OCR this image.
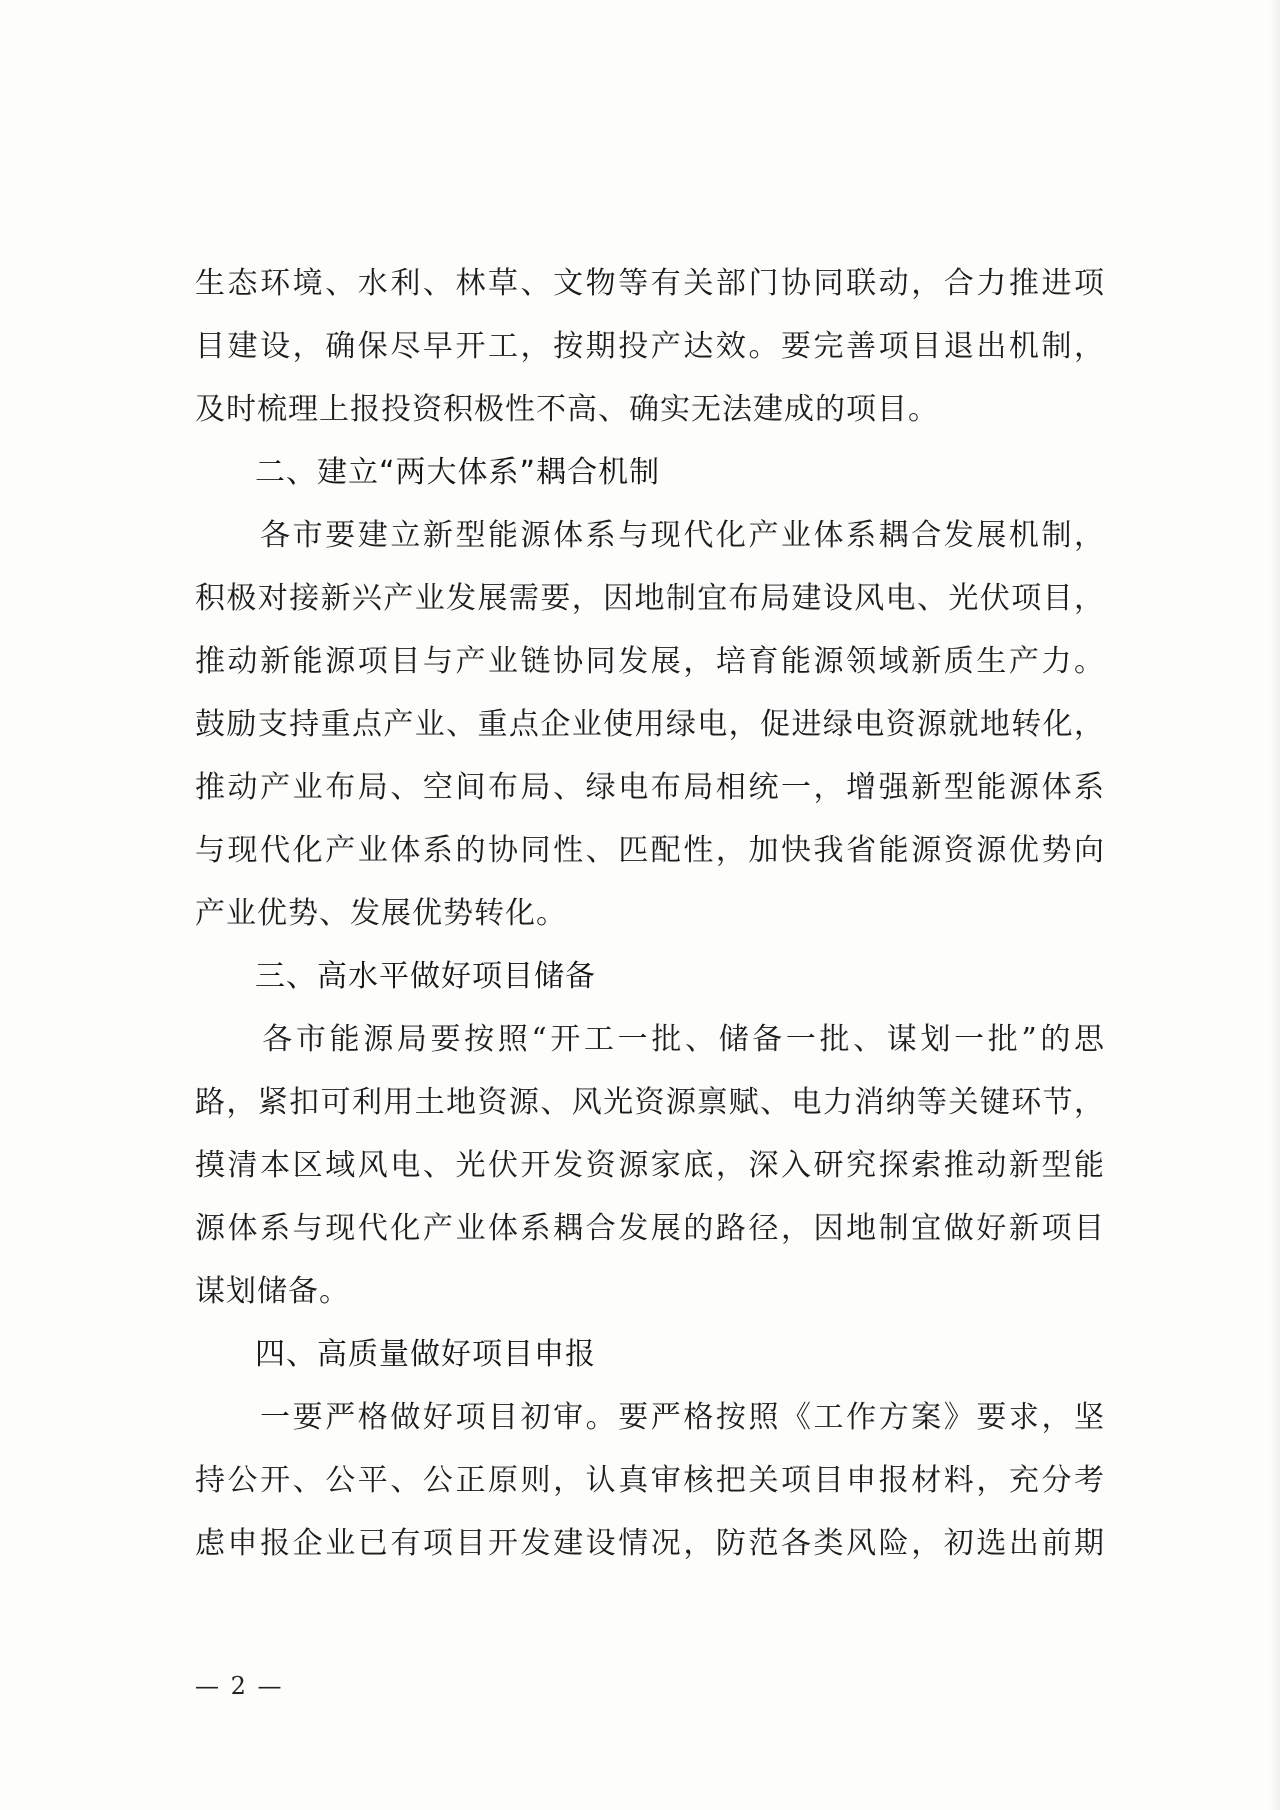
生态环境、水利、林草、文物等有关部门协同联动，合力推进项
目建设，确保尽早开工，按期投产达效。要完善项目退出机制，
及时梳理上报投资积极性不高、确实无法建成的项目。
二、建立“两大体系”耦合机制
　　各市要建立新型能源体系与现代化产业体系耦合发展机制，
积极对接新兴产业发展需要，因地制宜布局建设风电、光伏项目，
推动新能源项目与产业链协同发展，培育能源领域新质生产力。
鼓励支持重点产业、重点企业使用绿电，促进绿电资源就地转化，
推动产业布局、空间布局、绿电布局相统一，增强新型能源体系
与现代化产业体系的协同性、匹配性，加快我省能源资源优势向
产业优势、发展优势转化。
三、高水平做好项目储备
　　各市能源局要按照“开工一批、储备一批、谋划一批”的思
路，紧扣可利用土地资源、风光资源禀赋、电力消纳等关键环节，
摸清本区域风电、光伏开发资源家底，深入研究探索推动新型能
源体系与现代化产业体系耦合发展的路径，因地制宜做好新项目
谋划储备。
四、高质量做好项目申报
　　一要严格做好项目初审。要严格按照《工作方案》要求，坚
持公开、公平、公正原则，认真审核把关项目申报材料，充分考
虑申报企业已有项目开发建设情况，防范各类风险，初选出前期
— 2 —
